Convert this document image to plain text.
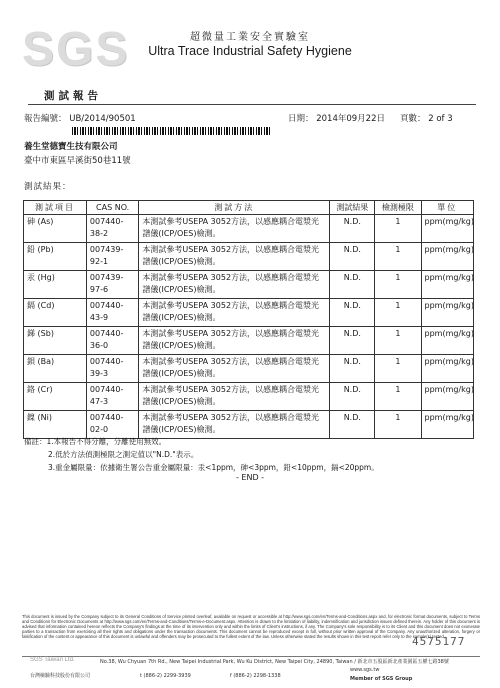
SGS	超微量工業安全實驗室
Ultra Trace Industrial Safety Hygiene
測試報告
報告編號： UB/2014/90501	日期： 2014年09月22日 頁數： 2 of 3
養生堂德寶生技有限公司
臺中市東區早溪街50巷11號
測試結果：
測試項目	CAS NO.	測試方法	測試結果	檢測極限	單位
砷 (As)	007440-38-2	本測試參考USEPA 3052方法，以感應耦合電漿光譜儀(ICP/OES)檢測。	N.D.	1	ppm(mg/kg)
鉛 (Pb)	007439-92-1	本測試參考USEPA 3052方法，以感應耦合電漿光譜儀(ICP/OES)檢測。	N.D.	1	ppm(mg/kg)
汞 (Hg)	007439-97-6	本測試參考USEPA 3052方法，以感應耦合電漿光譜儀(ICP/OES)檢測。	N.D.	1	ppm(mg/kg)
鎘 (Cd)	007440-43-9	本測試參考USEPA 3052方法，以感應耦合電漿光譜儀(ICP/OES)檢測。	N.D.	1	ppm(mg/kg)
銻 (Sb)	007440-36-0	本測試參考USEPA 3052方法，以感應耦合電漿光譜儀(ICP/OES)檢測。	N.D.	1	ppm(mg/kg)
鋇 (Ba)	007440-39-3	本測試參考USEPA 3052方法，以感應耦合電漿光譜儀(ICP/OES)檢測。	N.D.	1	ppm(mg/kg)
鉻 (Cr)	007440-47-3	本測試參考USEPA 3052方法，以感應耦合電漿光譜儀(ICP/OES)檢測。	N.D.	1	ppm(mg/kg)
鎳 (Ni)	007440-02-0	本測試參考USEPA 3052方法，以感應耦合電漿光譜儀(ICP/OES)檢測。	N.D.	1	ppm(mg/kg)
備註：1.本報告不得分離，分離使用無效。
2.低於方法偵測極限之測定值以"N.D."表示。
3.重金屬限量：依據衛生署公告重金屬限量：汞<1ppm，砷<3ppm，鉛<10ppm，鎘<20ppm。
- END -
This document is issued by the Company subject to its General Conditions of Service printed overleaf, available on request or accessible at http://www.sgs.com/en/Terms-and-Conditions.aspx and, for electronic format documents, subject to Terms and Conditions for Electronic Documents at http://www.sgs.com/en/Terms-and-Conditions/Terms-e-Document.aspx. Attention is drawn to the limitation of liability, indemnification and jurisdiction issues defined therein. Any holder of this document is advised that information contained hereon reflects the Company's findings at the time of its intervention only and within the limits of Client's instructions, if any. The Company's sole responsibility is to its Client and this document does not exonerate parties to a transaction from exercising all their rights and obligations under the transaction documents. This document cannot be reproduced except in full, without prior written approval of the Company. Any unauthorized alteration, forgery or falsification of the content or appearance of this document is unlawful and offenders may be prosecuted to the fullest extent of the law. Unless otherwise stated the results shown in this test report refer only to the sample(s) tested.
4575177
SGS Taiwan Ltd.	No.38, Wu Chyuan 7th Rd., New Taipei Industrial Park, Wu Ku District, New Taipei City, 24890, Taiwan / 新北市五股區新北產業園區五權七路38號
台灣檢驗科技股份有限公司	t (886-2) 2299-3939	f (886-2) 2298-1338
www.sgs.tw
Member of SGS Group
